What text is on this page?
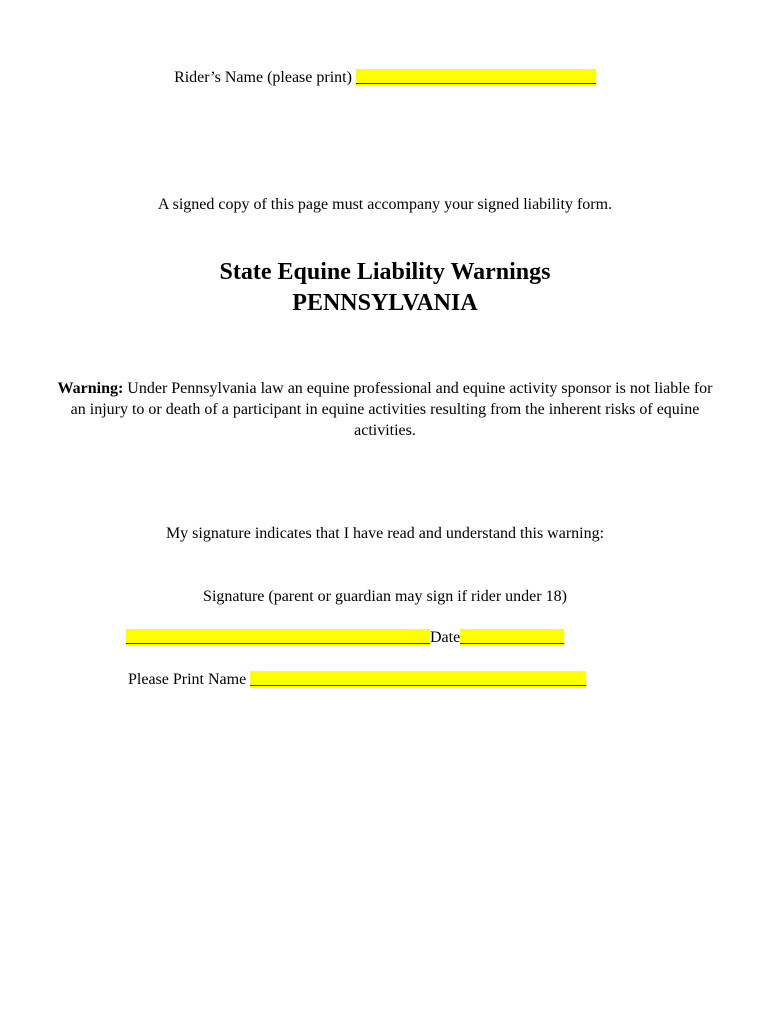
Rider’s Name (please print) ______________________________
A signed copy of this page must accompany your signed liability form.
State Equine Liability Warnings
PENNSYLVANIA
Warning: Under Pennsylvania law an equine professional and equine activity sponsor is not liable for an injury to or death of a participant in equine activities resulting from the inherent risks of equine activities.
My signature indicates that I have read and understand this warning:
Signature (parent or guardian may sign if rider under 18)
______________________________________Date_____________
Please Print Name __________________________________________
